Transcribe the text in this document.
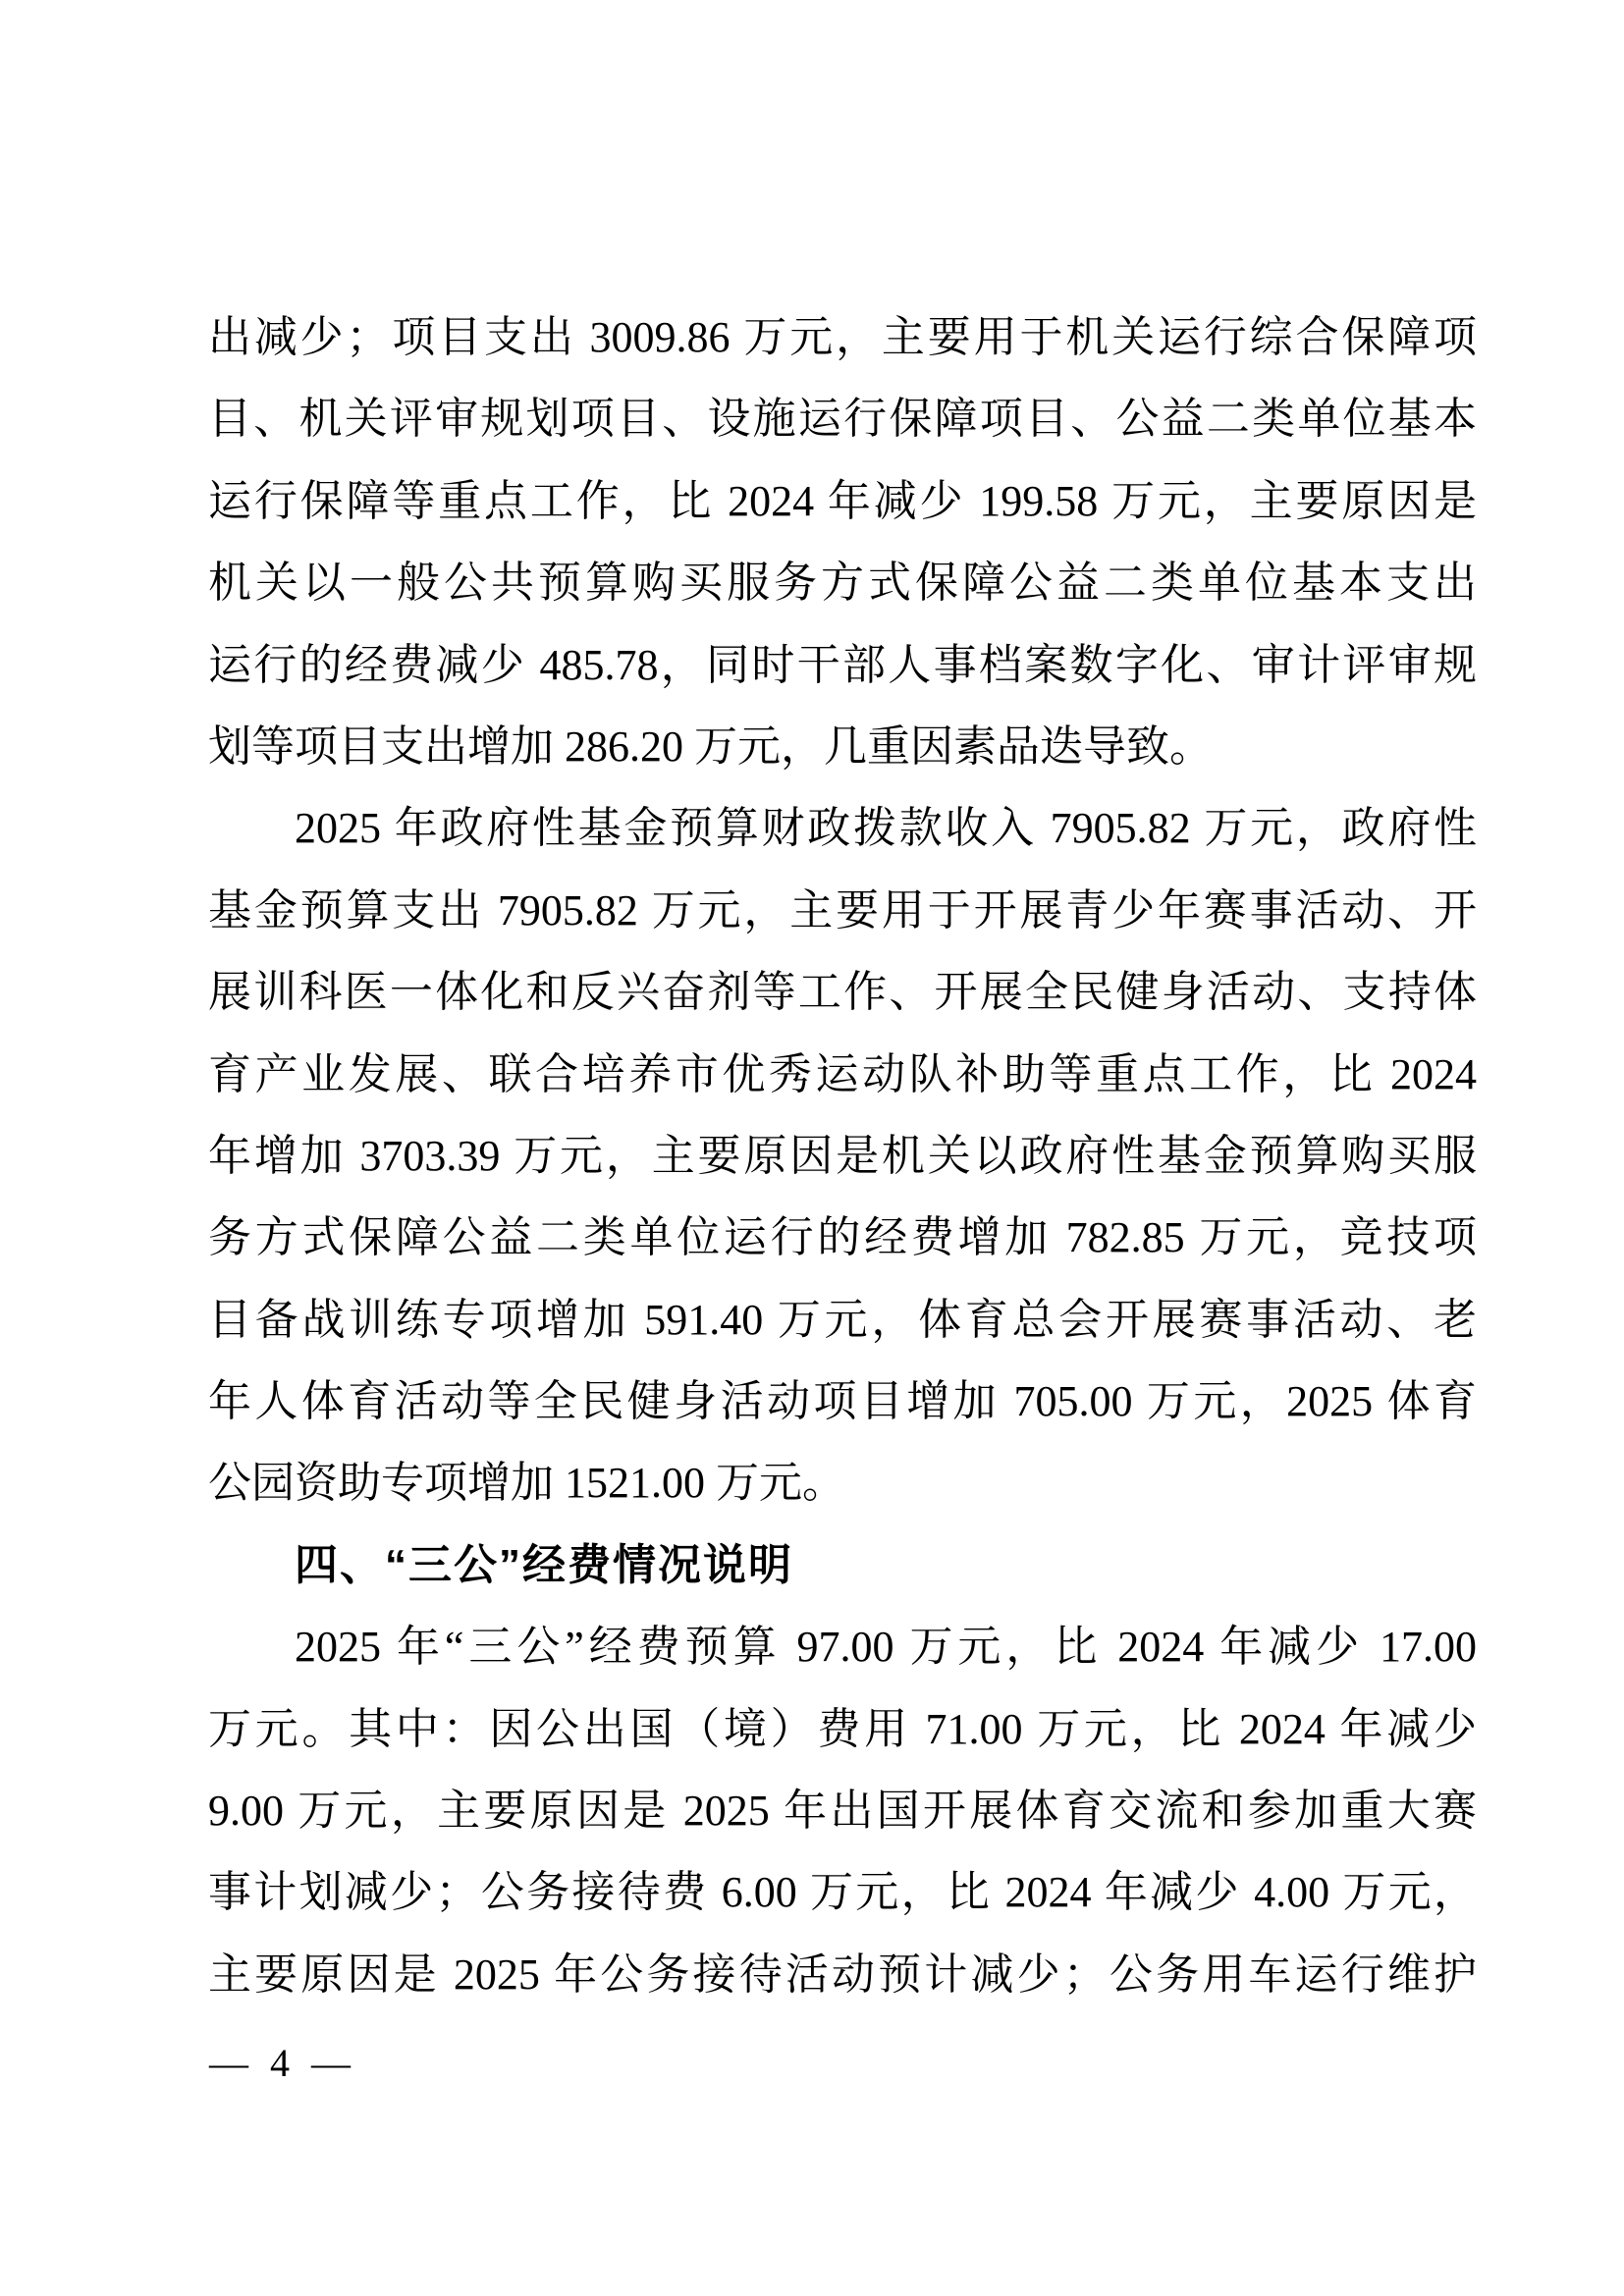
出减少；项目支出 3009.86 万元，主要用于机关运行综合保障项
目、机关评审规划项目、设施运行保障项目、公益二类单位基本
运行保障等重点工作，比 2024 年减少 199.58 万元，主要原因是
机关以一般公共预算购买服务方式保障公益二类单位基本支出
运行的经费减少 485.78，同时干部人事档案数字化、审计评审规
划等项目支出增加 286.20 万元，几重因素品迭导致。
2025 年政府性基金预算财政拨款收入 7905.82 万元，政府性
基金预算支出 7905.82 万元，主要用于开展青少年赛事活动、开
展训科医一体化和反兴奋剂等工作、开展全民健身活动、支持体
育产业发展、联合培养市优秀运动队补助等重点工作，比 2024
年增加 3703.39 万元，主要原因是机关以政府性基金预算购买服
务方式保障公益二类单位运行的经费增加 782.85 万元，竞技项
目备战训练专项增加 591.40 万元，体育总会开展赛事活动、老
年人体育活动等全民健身活动项目增加 705.00 万元，2025 体育
公园资助专项增加 1521.00 万元。
四、“三公”经费情况说明
2025 年“三公”经费预算 97.00 万元，比 2024 年减少 17.00
万元。其中：因公出国（境）费用 71.00 万元，比 2024 年减少
9.00 万元，主要原因是 2025 年出国开展体育交流和参加重大赛
事计划减少；公务接待费 6.00 万元，比 2024 年减少 4.00 万元，
主要原因是 2025 年公务接待活动预计减少；公务用车运行维护
— 4 —
